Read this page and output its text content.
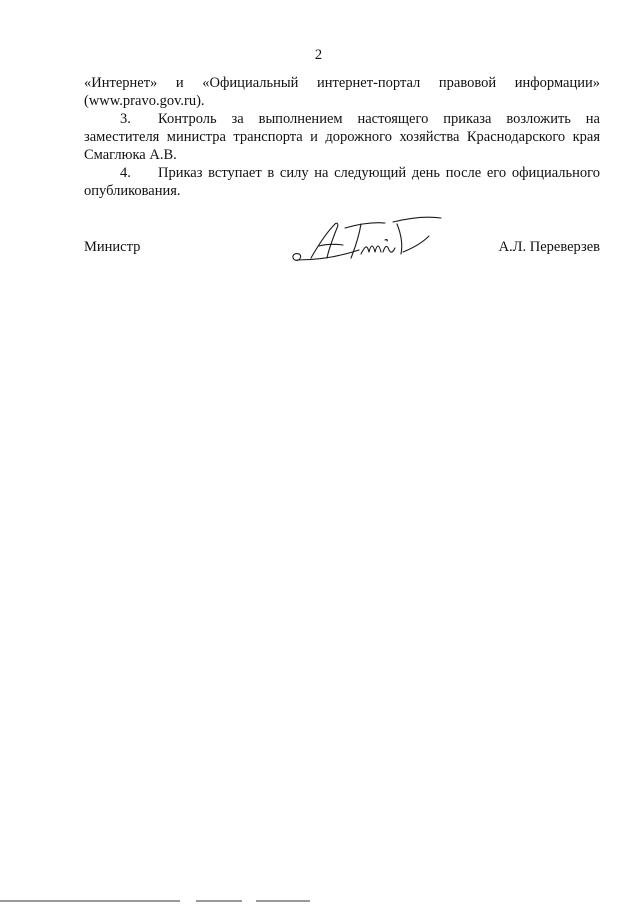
2

«Интернет» и «Официальный интернет-портал правовой информации» (www.pravo.gov.ru).

3. Контроль за выполнением настоящего приказа возложить на заместителя министра транспорта и дорожного хозяйства Краснодарского края Смаглюка А.В.

4. Приказ вступает в силу на следующий день после его официального опубликования.

Министр	А.Л. Переверзев
